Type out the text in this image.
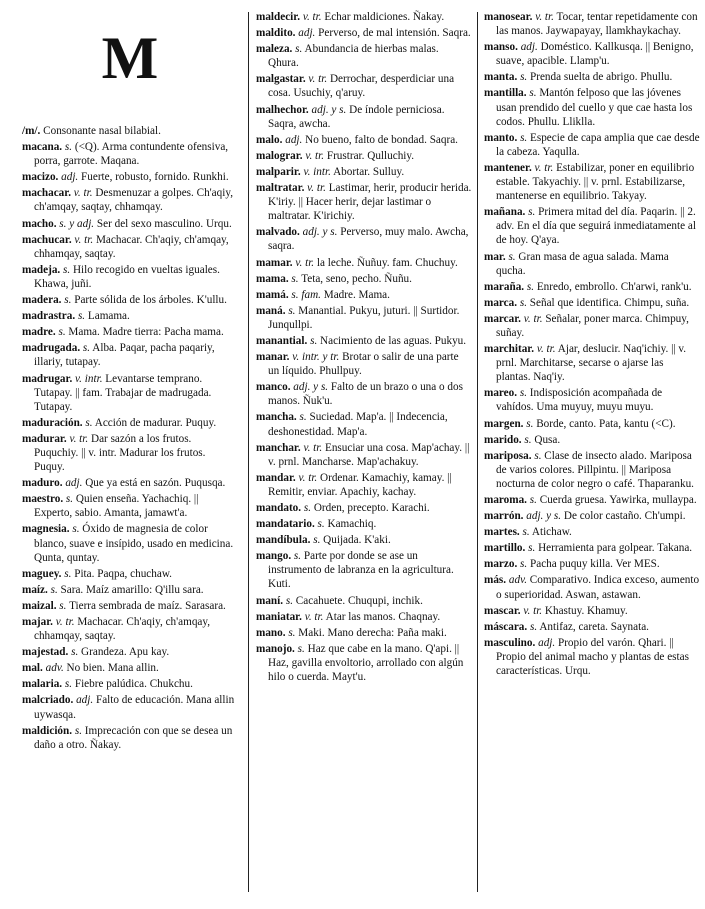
M
/m/. Consonante nasal bilabial.
macana. s. (<Q). Arma contundente ofensiva, porra, garrote. Maqana.
macizo. adj. Fuerte, robusto, fornido. Runkhi.
machacar. v. tr. Desmenuzar a golpes. Ch'aqiy, ch'amqay, saqtay, chhamqay.
macho. s. y adj. Ser del sexo masculino. Urqu.
machucar. v. tr. Machacar. Ch'aqiy, ch'amqay, chhamqay, saqtay.
madeja. s. Hilo recogido en vueltas iguales. Khawa, juñi.
madera. s. Parte sólida de los árboles. K'ullu.
madrastra. s. Lamama.
madre. s. Mama. Madre tierra: Pacha mama.
madrugada. s. Alba. Paqar, pacha paqariy, illariy, tutapay.
madrugar. v. intr. Levantarse temprano. Tutapay. || fam. Trabajar de madrugada. Tutapay.
maduración. s. Acción de madurar. Puquy.
madurar. v. tr. Dar sazón a los frutos. Puquchiy. || v. intr. Madurar los frutos. Puquy.
maduro. adj. Que ya está en sazón. Puqusqa.
maestro. s. Quien enseña. Yachachiq. || Experto, sabio. Amanta, jamawt'a.
magnesia. s. Óxido de magnesia de color blanco, suave e insípido, usado en medicina. Qunta, quntay.
maguey. s. Pita. Paqpa, chuchaw.
maíz. s. Sara. Maíz amarillo: Q'illu sara.
maizal. s. Tierra sembrada de maíz. Sarasara.
majar. v. tr. Machacar. Ch'aqiy, ch'amqay, chhamqay, saqtay.
majestad. s. Grandeza. Apu kay.
mal. adv. No bien. Mana allin.
malaria. s. Fiebre palúdica. Chukchu.
malcriado. adj. Falto de educación. Mana allin uywasqa.
maldición. s. Imprecación con que se desea un daño a otro. Ñakay.
maldecir. v. tr. Echar maldiciones. Ñakay.
maldito. adj. Perverso, de mal intensión. Saqra.
maleza. s. Abundancia de hierbas malas. Qhura.
malgastar. v. tr. Derrochar, desperdiciar una cosa. Usuchiy, q'aruy.
malhechor. adj. y s. De índole perniciosa. Saqra, awcha.
malo. adj. No bueno, falto de bondad. Saqra.
malograr. v. tr. Frustrar. Qulluchiy.
malparir. v. intr. Abortar. Sulluy.
maltratar. v. tr. Lastimar, herir, producir herida. K'iriy. || Hacer herir, dejar lastimar o maltratar. K'irichiy.
malvado. adj. y s. Perverso, muy malo. Awcha, saqra.
mamar. v. tr. la leche. Ñuñuy. fam. Chuchuy.
mama. s. Teta, seno, pecho. Ñuñu.
mamá. s. fam. Madre. Mama.
maná. s. Manantial. Pukyu, juturi. || Surtidor. Junqullpi.
manantial. s. Nacimiento de las aguas. Pukyu.
manar. v. intr. y tr. Brotar o salir de una parte un líquido. Phullpuy.
manco. adj. y s. Falto de un brazo o una o dos manos. Ñuk'u.
mancha. s. Suciedad. Map'a. || Indecencia, deshonestidad. Map'a.
manchar. v. tr. Ensuciar una cosa. Map'achay. || v. prnl. Mancharse. Map'achakuy.
mandar. v. tr. Ordenar. Kamachiy, kamay. || Remitir, enviar. Apachiy, kachay.
mandato. s. Orden, precepto. Karachi.
mandatario. s. Kamachiq.
mandíbula. s. Quijada. K'aki.
mango. s. Parte por donde se ase un instrumento de labranza en la agricultura. Kuti.
maní. s. Cacahuete. Chuqupi, inchik.
maniatar. v. tr. Atar las manos. Chaqnay.
mano. s. Maki. Mano derecha: Paña maki.
manojo. s. Haz que cabe en la mano. Q'api. || Haz, gavilla envoltorio, arrollado con algún hilo o cuerda. Mayt'u.
manosear. v. tr. Tocar, tentar repetidamente con las manos. Jaywapayay, llamkhaykachay.
manso. adj. Doméstico. Kallkusqa. || Benigno, suave, apacible. Llamp'u.
manta. s. Prenda suelta de abrigo. Phullu.
mantilla. s. Mantón felposo que las jóvenes usan prendido del cuello y que cae hasta los codos. Phullu. Lliklla.
manto. s. Especie de capa amplia que cae desde la cabeza. Yaqulla.
mantener. v. tr. Estabilizar, poner en equilibrio estable. Takyachiy. || v. prnl. Estabilizarse, mantenerse en equilibrio. Takyay.
mañana. s. Primera mitad del día. Paqarin. || 2. adv. En el día que seguirá inmediatamente al de hoy. Q'aya.
mar. s. Gran masa de agua salada. Mama qucha.
maraña. s. Enredo, embrollo. Ch'arwi, rank'u.
marca. s. Señal que identifica. Chimpu, suña.
marcar. v. tr. Señalar, poner marca. Chimpuy, suñay.
marchitar. v. tr. Ajar, deslucir. Naq'ichiy. || v. prnl. Marchitarse, secarse o ajarse las plantas. Naq'iy.
mareo. s. Indisposición acompañada de vahídos. Uma muyuy, muyu muyu.
margen. s. Borde, canto. Pata, kantu (<C).
marido. s. Qusa.
mariposa. s. Clase de insecto alado. Mariposa de varios colores. Pillpintu. || Mariposa nocturna de color negro o café. Thaparanku.
maroma. s. Cuerda gruesa. Yawirka, mullaypa.
marrón. adj. y s. De color castaño. Ch'umpi.
martes. s. Atichaw.
martillo. s. Herramienta para golpear. Takana.
marzo. s. Pacha puquy killa. Ver MES.
más. adv. Comparativo. Indica exceso, aumento o superioridad. Aswan, astawan.
mascar. v. tr. Khastuy. Khamuy.
máscara. s. Antifaz, careta. Saynata.
masculino. adj. Propio del varón. Qhari. || Propio del animal macho y plantas de estas características. Urqu.
